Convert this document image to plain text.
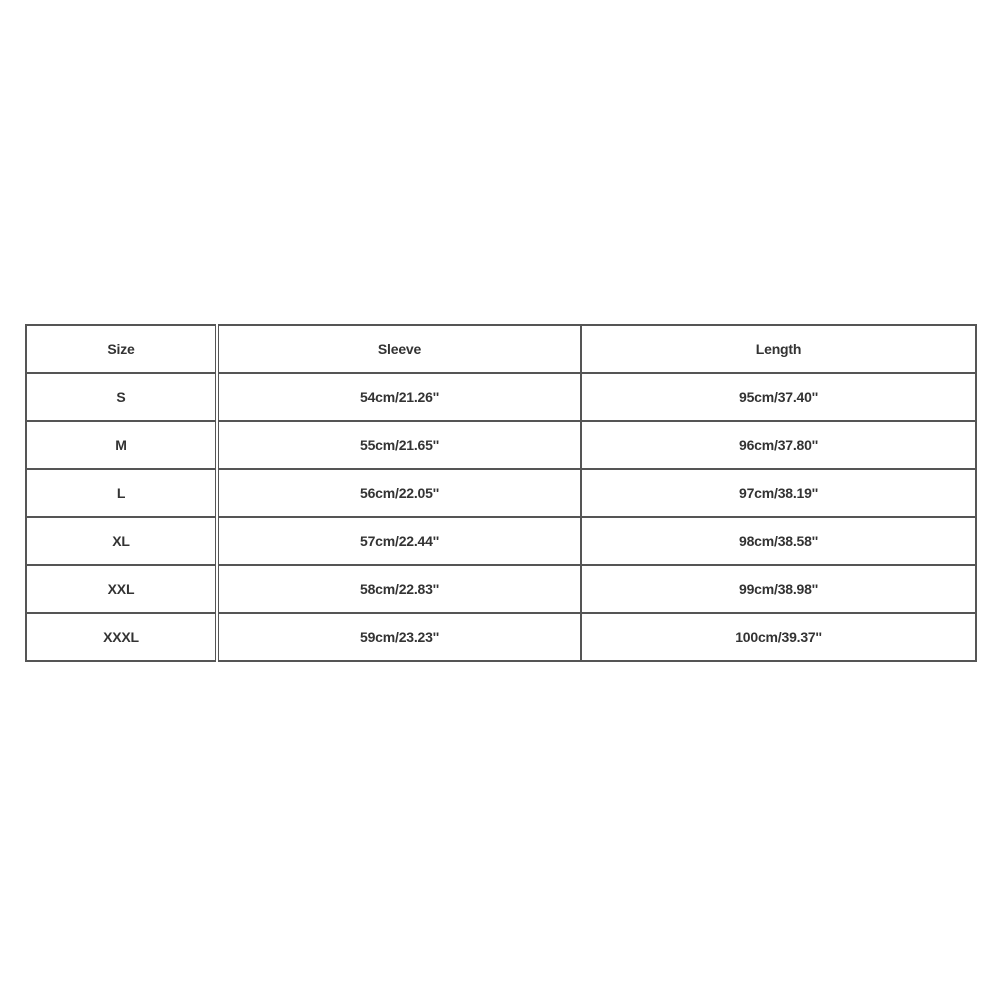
Size	Sleeve	Length
S	54cm/21.26''	95cm/37.40''
M	55cm/21.65''	96cm/37.80''
L	56cm/22.05''	97cm/38.19''
XL	57cm/22.44''	98cm/38.58''
XXL	58cm/22.83''	99cm/38.98''
XXXL	59cm/23.23''	100cm/39.37''
